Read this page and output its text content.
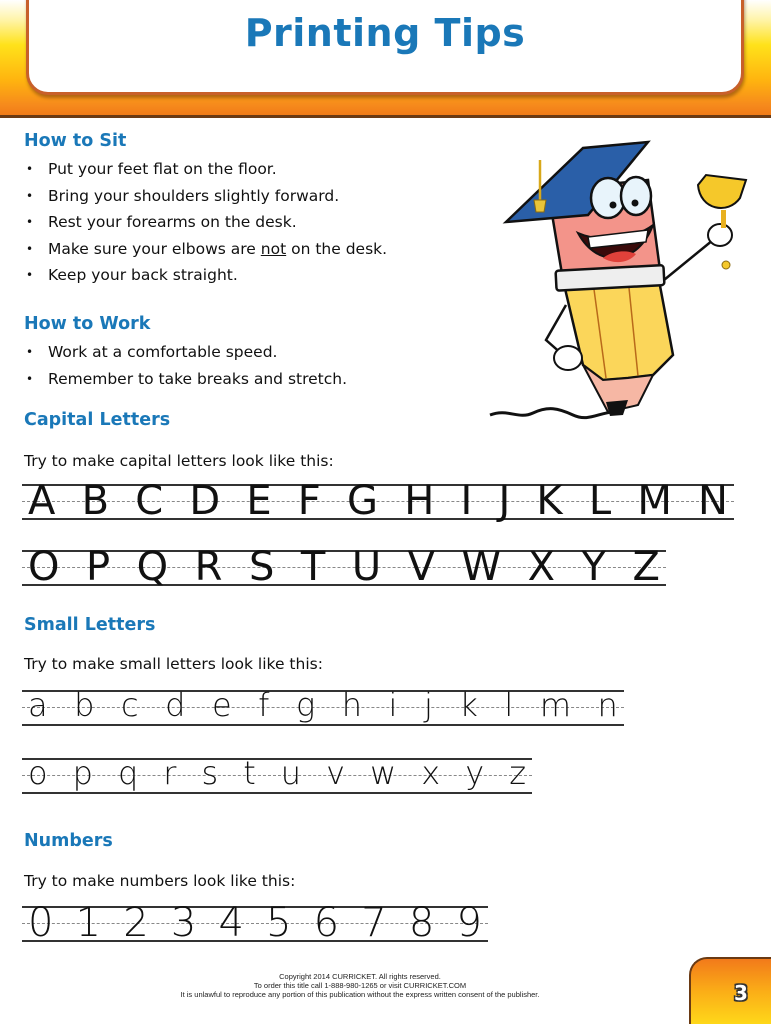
Printing Tips
How to Sit
• Put your feet flat on the floor.
• Bring your shoulders slightly forward.
• Rest your forearms on the desk.
• Make sure your elbows are not on the desk.
• Keep your back straight.
How to Work
• Work at a comfortable speed.
• Remember to take breaks and stretch.
Capital Letters
Try to make capital letters look like this:
A B C D E F G H I J K L M N
O P Q R S T U V W X Y Z
Small Letters
Try to make small letters look like this:
a b c d e f g h i j k l m n
o p q r s t u v w x y z
Numbers
Try to make numbers look like this:
0 1 2 3 4 5 6 7 8 9
Copyright 2014 CURRICKET. All rights reserved.
To order this title call 1-888-980-1265 or visit CURRICKET.COM
It is unlawful to reproduce any portion of this publication without the express written consent of the publisher.	3
